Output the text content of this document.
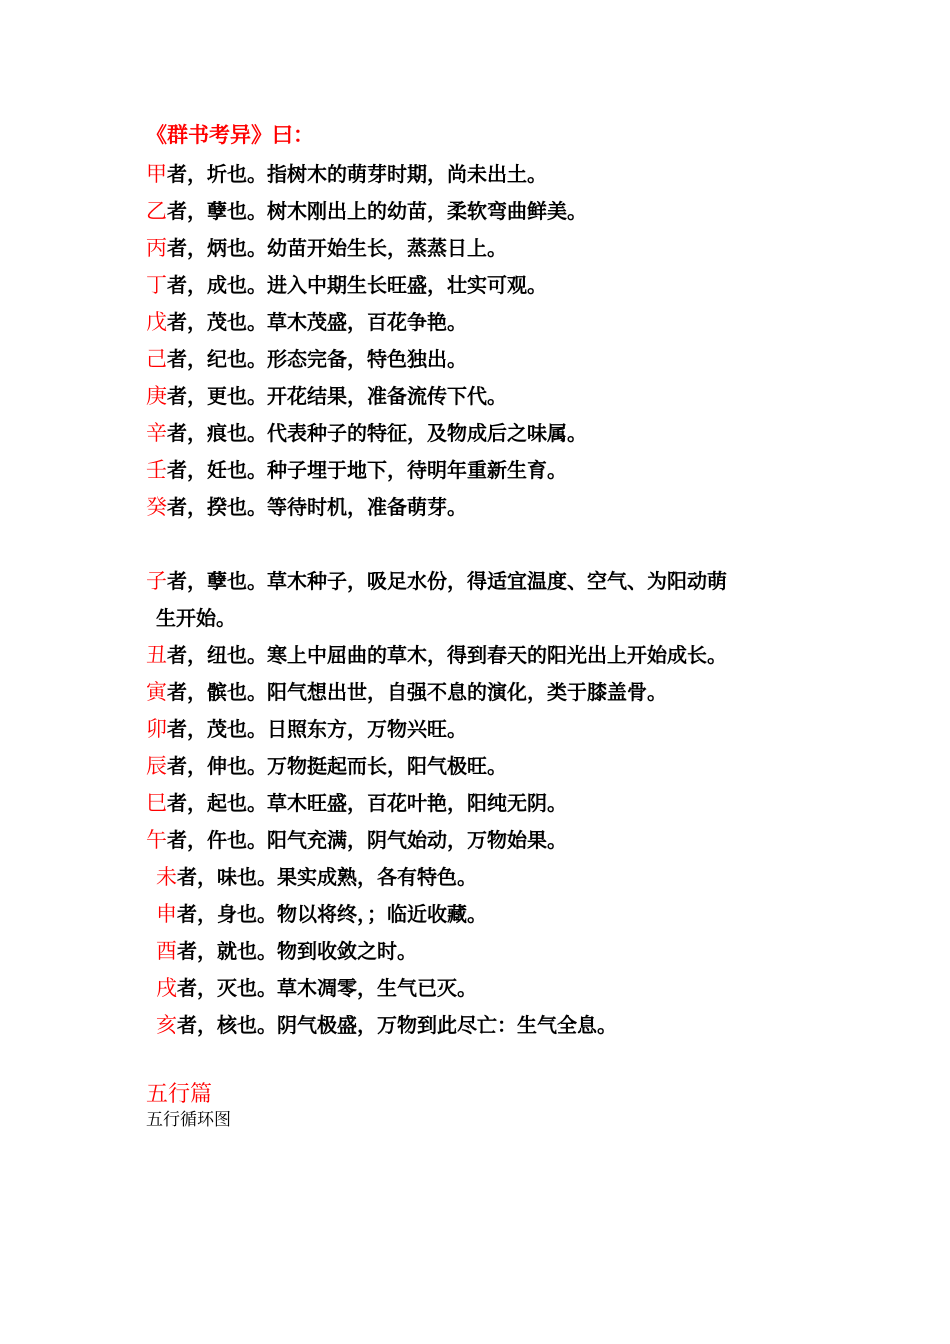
《群书考异》曰：
甲者，圻也。指树木的萌芽时期，尚未出土。
乙者，孽也。树木刚出上的幼苗，柔软弯曲鲜美。
丙者，炳也。幼苗开始生长，蒸蒸日上。
丁者，成也。进入中期生长旺盛，壮实可观。
戊者，茂也。草木茂盛，百花争艳。
己者，纪也。形态完备，特色独出。
庚者，更也。开花结果，准备流传下代。
辛者，痕也。代表种子的特征，及物成后之味属。
壬者，妊也。种子埋于地下，待明年重新生育。
癸者，揆也。等待时机，准备萌芽。
子者，孽也。草木种子，吸足水份，得适宜温度、空气、为阳动萌
生开始。
丑者，纽也。寒上中屈曲的草木，得到春天的阳光出上开始成长。
寅者，髌也。阳气想出世，自强不息的演化，类于膝盖骨。
卯者，茂也。日照东方，万物兴旺。
辰者，伸也。万物挺起而长，阳气极旺。
巳者，起也。草木旺盛，百花叶艳，阳纯无阴。
午者，仵也。阳气充满，阴气始动，万物始果。
未者，味也。果实成熟，各有特色。
申者，身也。物以将终，；临近收藏。
酉者，就也。物到收敛之时。
戌者，灭也。草木凋零，生气已灭。
亥者，核也。阴气极盛，万物到此尽亡：生气全息。
五行篇
五行循环图
